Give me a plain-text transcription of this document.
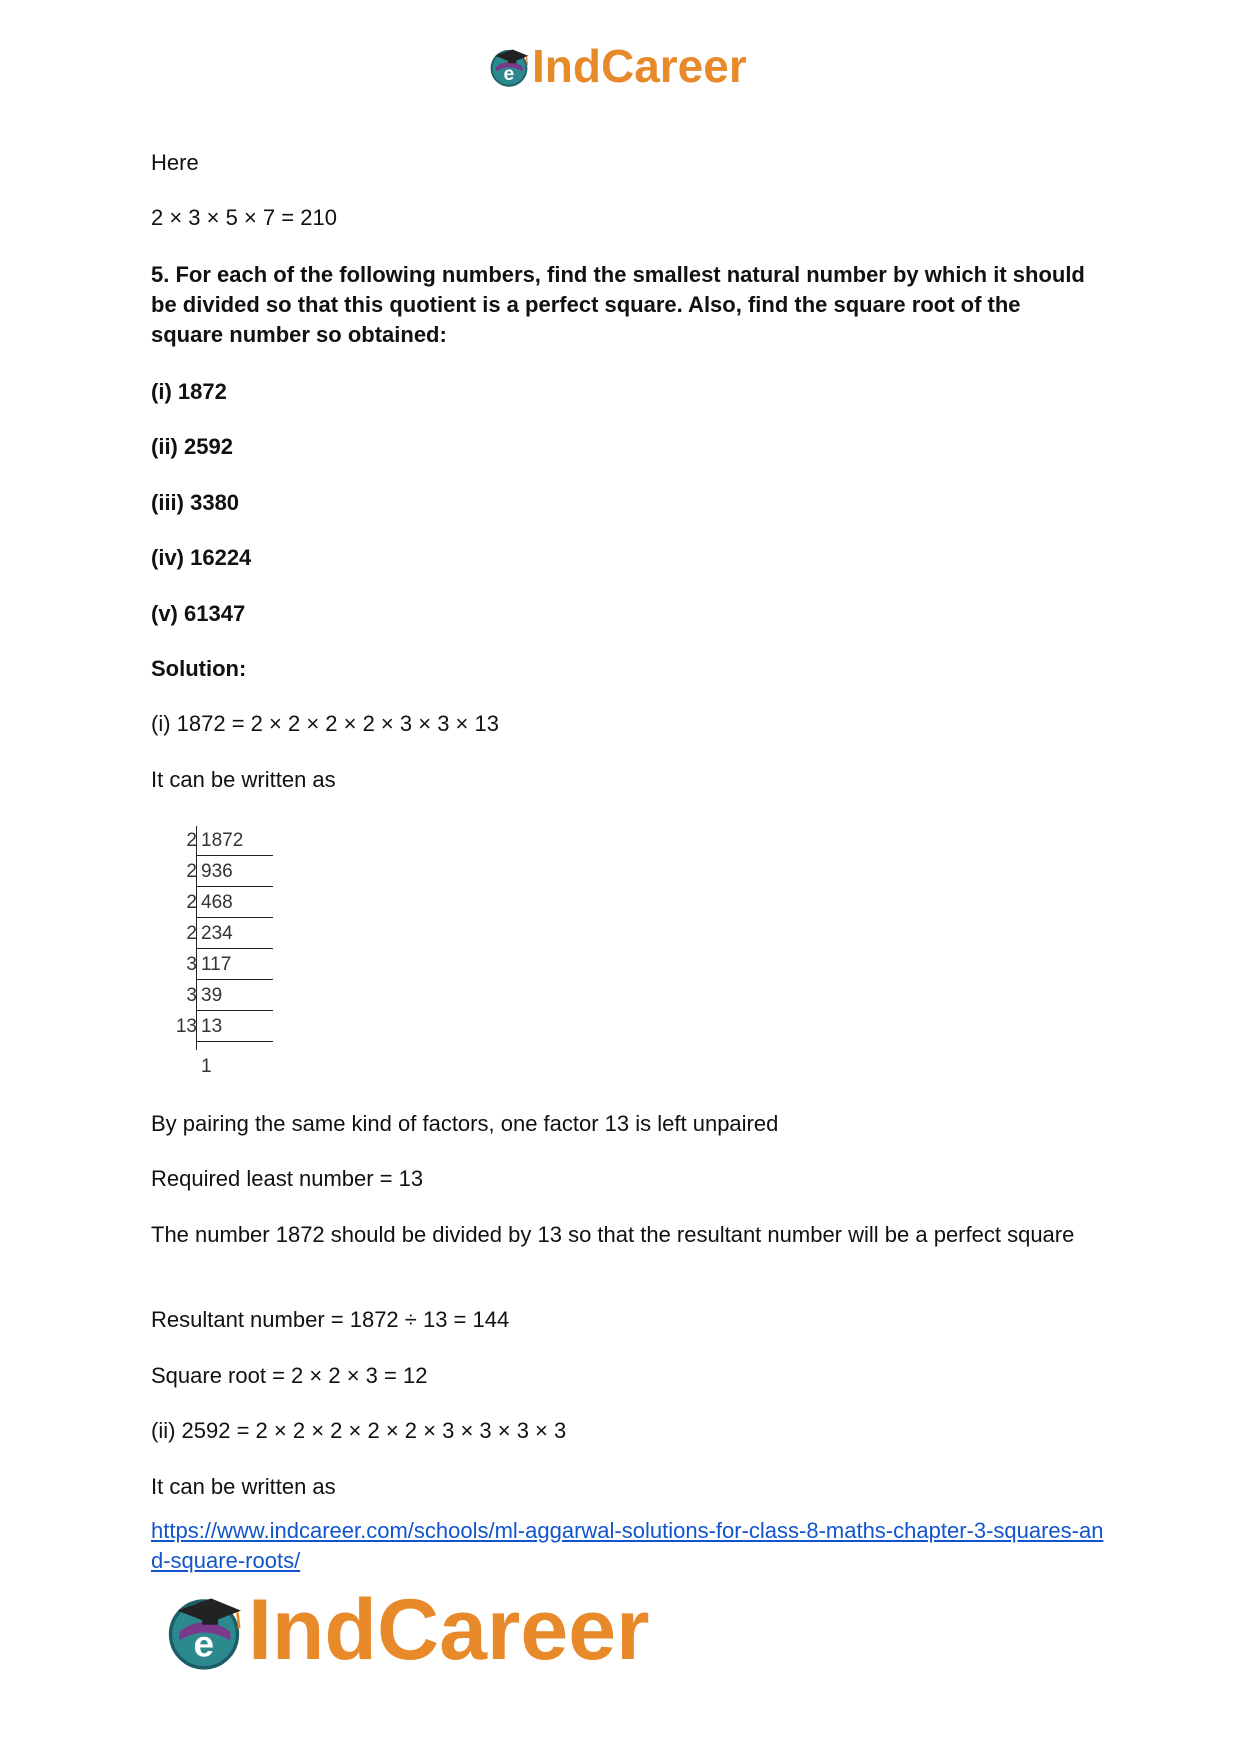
e IndCareer
Here
2 × 3 × 5 × 7 = 210
5. For each of the following numbers, find the smallest natural number by which it should be divided so that this quotient is a perfect square. Also, find the square root of the square number so obtained:
(i) 1872
(ii) 2592
(iii) 3380
(iv) 16224
(v) 61347
Solution:
(i) 1872 = 2 × 2 × 2 × 2 × 3 × 3 × 13
It can be written as
By pairing the same kind of factors, one factor 13 is left unpaired
Required least number = 13
The number 1872 should be divided by 13 so that the resultant number will be a perfect square
Resultant number = 1872 ÷ 13 = 144
Square root = 2 × 2 × 3 = 12
(ii) 2592 = 2 × 2 × 2 × 2 × 2 × 3 × 3 × 3 × 3
It can be written as
2 1872
2 936
2 468
2 234
3 117
3 39
13 13
1
https://www.indcareer.com/schools/ml-aggarwal-solutions-for-class-8-maths-chapter-3-squares-and-square-roots/
e IndCareer
